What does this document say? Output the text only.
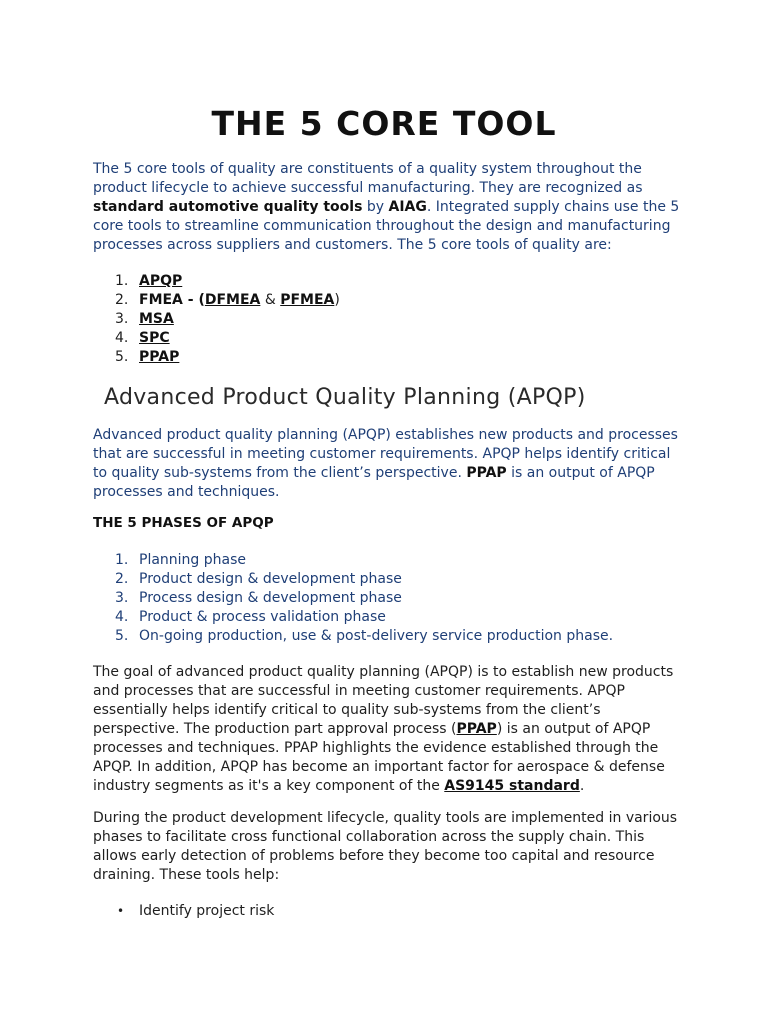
THE 5 CORE TOOL

The 5 core tools of quality are constituents of a quality system throughout the product lifecycle to achieve successful manufacturing. They are recognized as standard automotive quality tools by AIAG. Integrated supply chains use the 5 core tools to streamline communication throughout the design and manufacturing processes across suppliers and customers. The 5 core tools of quality are:

1. APQP
2. FMEA - (DFMEA & PFMEA)
3. MSA
4. SPC
5. PPAP
Advanced Product Quality Planning (APQP)

Advanced product quality planning (APQP) establishes new products and processes that are successful in meeting customer requirements. APQP helps identify critical to quality sub-systems from the client’s perspective. PPAP is an output of APQP processes and techniques.

THE 5 PHASES OF APQP

1. Planning phase
2. Product design & development phase
3. Process design & development phase
4. Product & process validation phase
5. On-going production, use & post-delivery service production phase.

The goal of advanced product quality planning (APQP) is to establish new products and processes that are successful in meeting customer requirements. APQP essentially helps identify critical to quality sub-systems from the client’s perspective. The production part approval process (PPAP) is an output of APQP processes and techniques. PPAP highlights the evidence established through the APQP. In addition, APQP has become an important factor for aerospace & defense industry segments as it's a key component of the AS9145 standard.

During the product development lifecycle, quality tools are implemented in various phases to facilitate cross functional collaboration across the supply chain. This allows early detection of problems before they become too capital and resource draining. These tools help:

• Identify project risk
